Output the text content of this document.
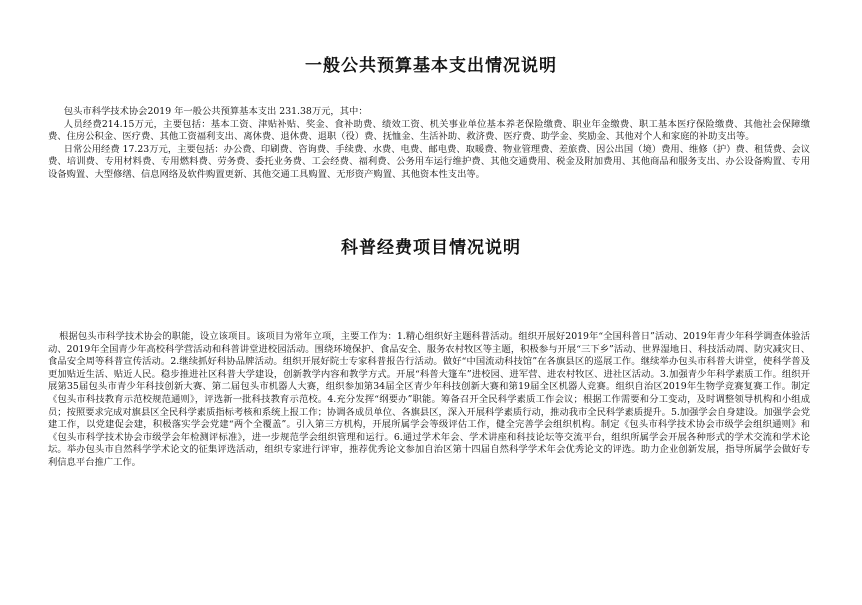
一般公共预算基本支出情况说明

包头市科学技术协会2019 年一般公共预算基本支出 231.38万元，其中：

人员经费214.15万元，主要包括：基本工资、津贴补贴、奖金、食补助费、绩效工资、机关事业单位基本养老保险缴费、职业年金缴费、职工基本医疗保险缴费、其他社会保障缴费、住房公积金、医疗费、其他工资福利支出、离休费、退休费、退职（役）费、抚恤金、生活补助、救济费、医疗费、助学金、奖励金、其他对个人和家庭的补助支出等。

日常公用经费 17.23万元，主要包括：办公费、印刷费、咨询费、手续费、水费、电费、邮电费、取暖费、物业管理费、差旅费、因公出国（境）费用、维修（护）费、租赁费、会议费、培训费、专用材料费、专用燃料费、劳务费、委托业务费、工会经费、福利费、公务用车运行维护费、其他交通费用、税金及附加费用、其他商品和服务支出、办公设备购置、专用设备购置、大型修缮、信息网络及软件购置更新、其他交通工具购置、无形资产购置、其他资本性支出等。

科普经费项目情况说明

根据包头市科学技术协会的职能，设立该项目。该项目为常年立项，主要工作为：1.精心组织好主题科普活动。组织开展好2019年“全国科普日”活动、2019年青少年科学调查体验活动、2019年全国青少年高校科学营活动和科普讲堂进校园活动。围绕环境保护、食品安全、服务农村牧区等主题，积极参与开展“三下乡”活动、世界湿地日、科技活动周、防灾减灾日、食品安全周等科普宣传活动。2.继续抓好科协品牌活动。组织开展好院士专家科普报告行活动。做好“中国流动科技馆”在各旗县区的巡展工作。继续举办包头市科普大讲堂，使科学普及更加贴近生活、贴近人民。稳步推进社区科普大学建设，创新教学内容和教学方式。开展“科普大篷车”进校园、进军营、进农村牧区、进社区活动。3.加强青少年科学素质工作。组织开展第35届包头市青少年科技创新大赛、第二届包头市机器人大赛，组织参加第34届全区青少年科技创新大赛和第19届全区机器人竞赛。组织自治区2019年生物学竞赛复赛工作。制定《包头市科技教育示范校规范通则》，评选新一批科技教育示范校。4.充分发挥“纲要办”职能。筹备召开全民科学素质工作会议；根据工作需要和分工变动，及时调整领导机构和小组成员；按照要求完成对旗县区全民科学素质指标考核和系统上报工作；协调各成员单位、各旗县区，深入开展科学素质行动，推动我市全民科学素质提升。5.加强学会自身建设。加强学会党建工作，以党建促会建，积极落实学会党建“两个全覆盖”。引入第三方机构，开展所属学会等级评估工作，健全完善学会组织机构。制定《包头市科学技术协会市级学会组织通则》和《包头市科学技术协会市级学会年检测评标准》，进一步规范学会组织管理和运行。6.通过学术年会、学术讲座和科技论坛等交流平台，组织所属学会开展各种形式的学术交流和学术论坛。举办包头市自然科学学术论文的征集评选活动，组织专家进行评审，推荐优秀论文参加自治区第十四届自然科学学术年会优秀论文的评选。助力企业创新发展，指导所属学会做好专利信息平台推广工作。
